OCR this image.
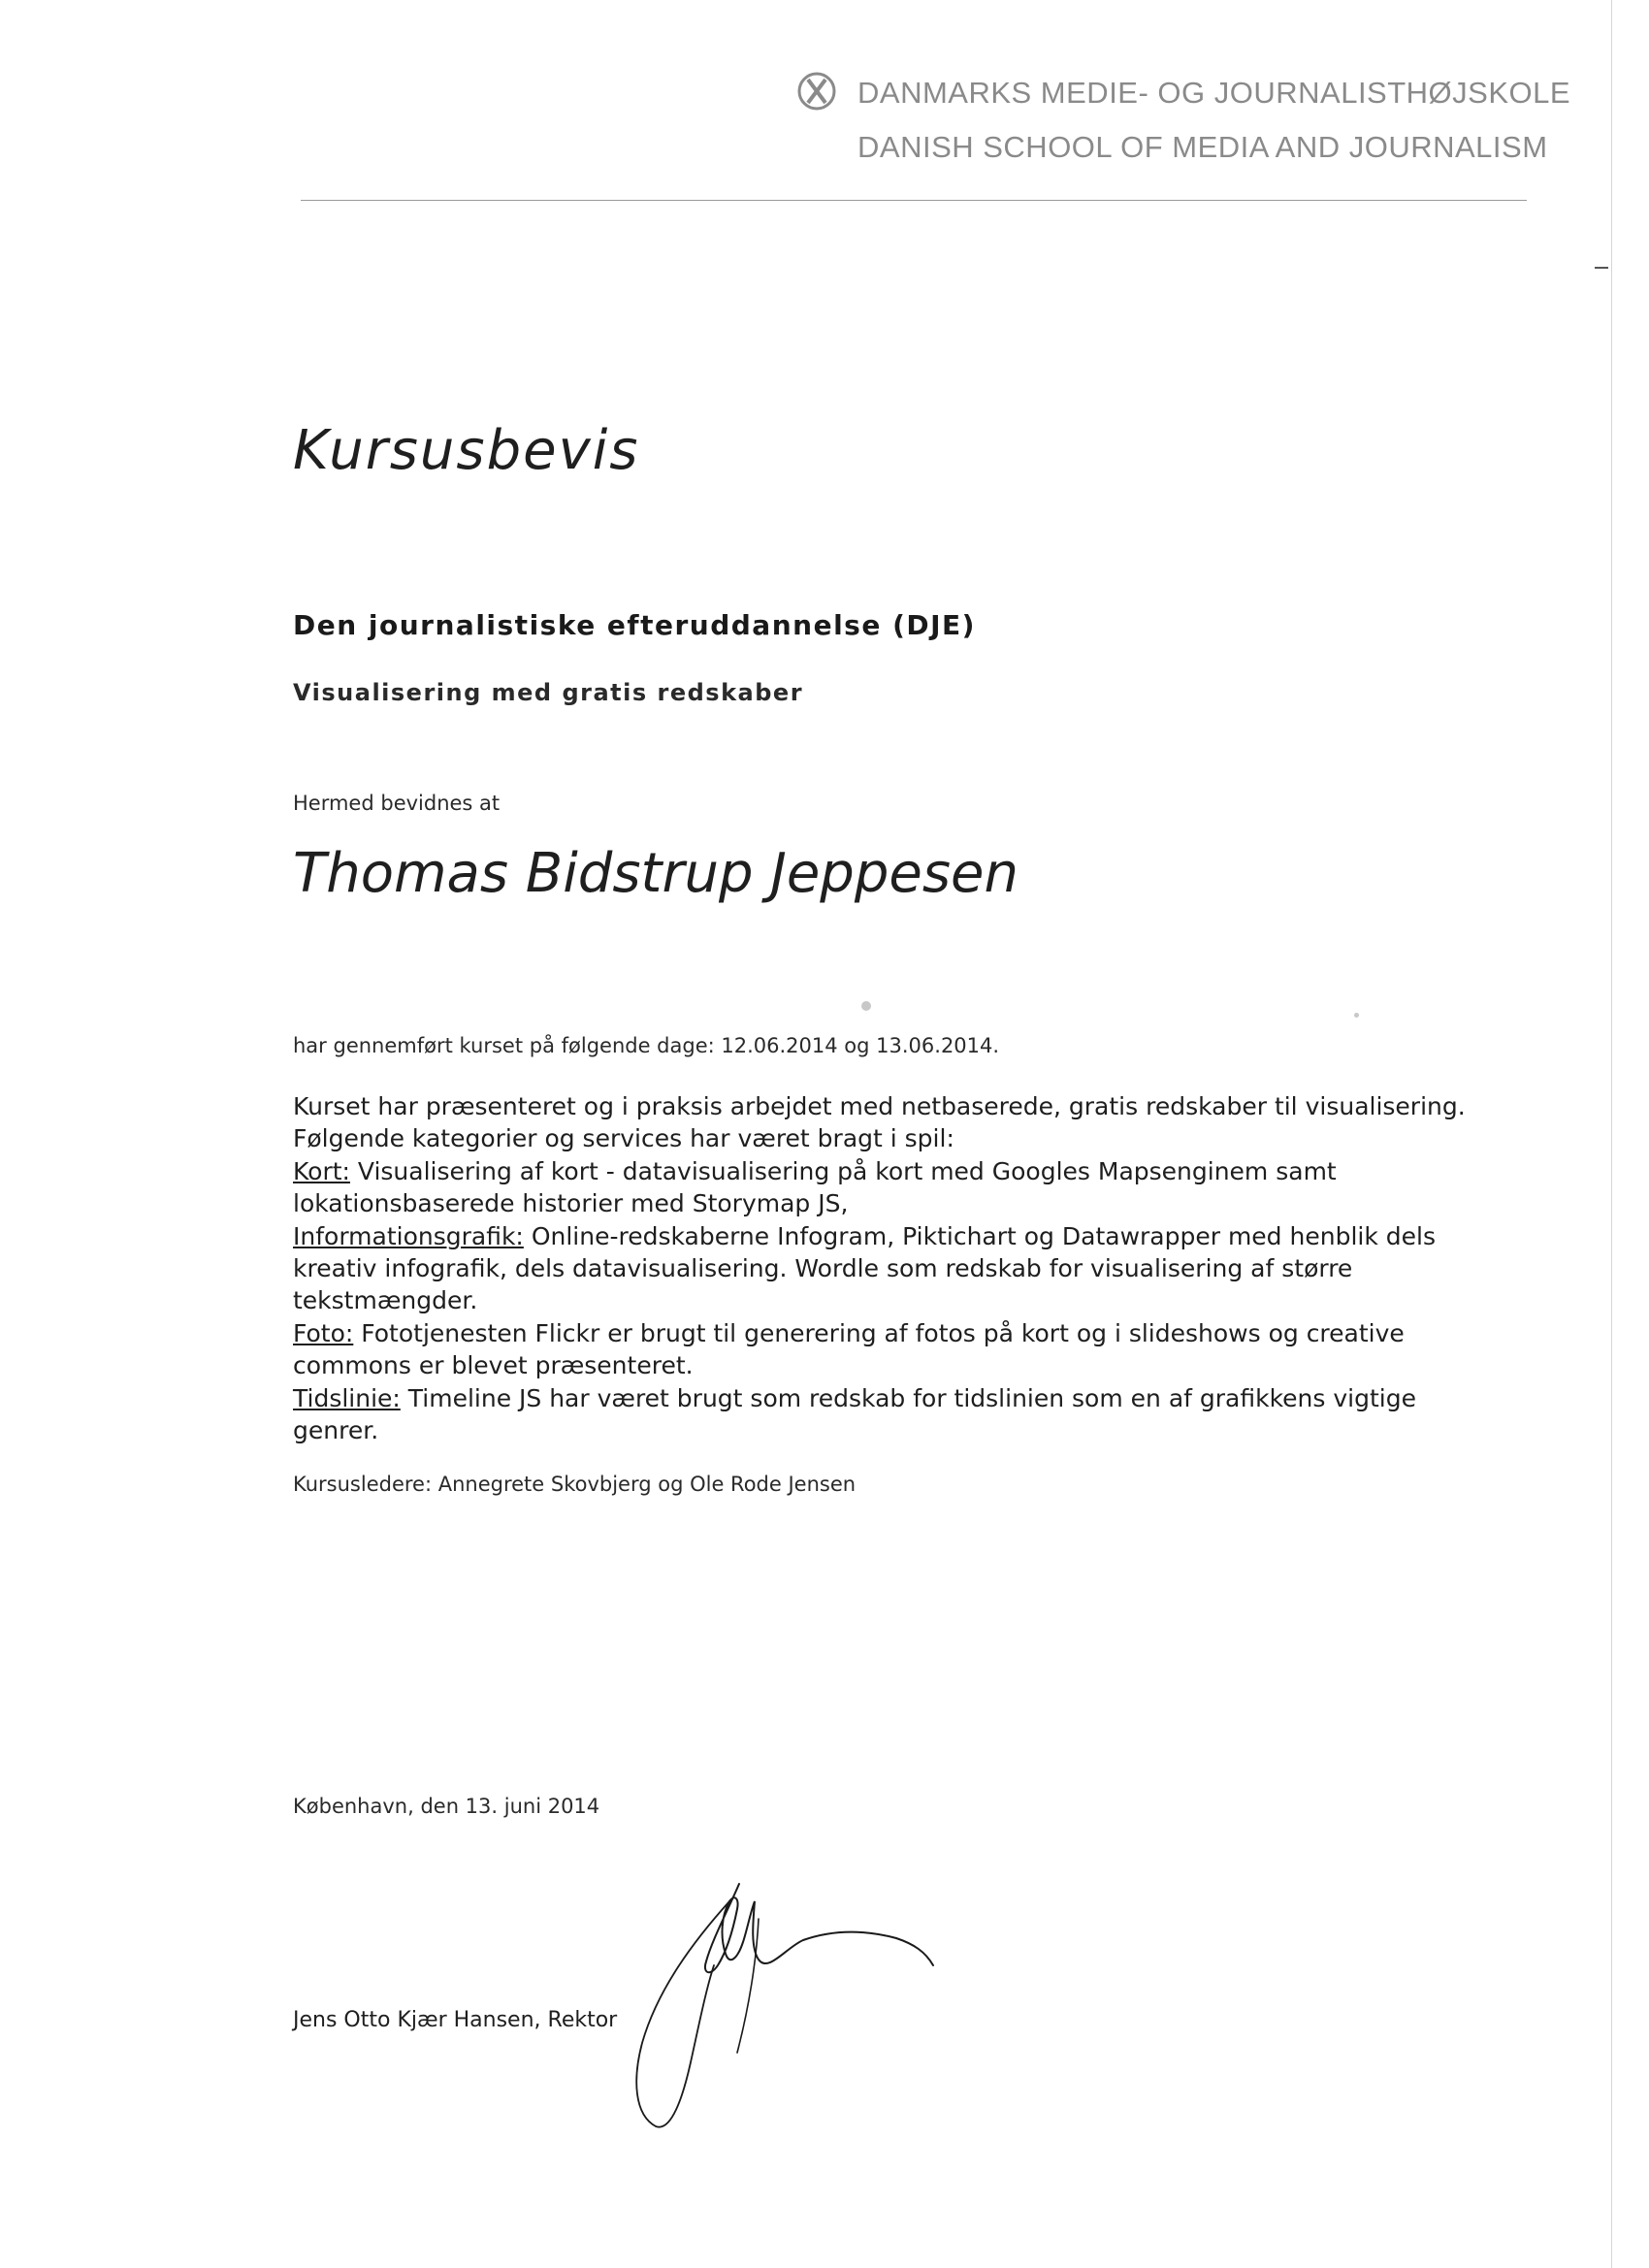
DANMARKS MEDIE- OG JOURNALISTHØJSKOLE
DANISH SCHOOL OF MEDIA AND JOURNALISM
Kursusbevis
Den journalistiske efteruddannelse (DJE)
Visualisering med gratis redskaber
Hermed bevidnes at
Thomas Bidstrup Jeppesen
har gennemført kurset på følgende dage: 12.06.2014 og 13.06.2014.

Kurset har præsenteret og i praksis arbejdet med netbaserede, gratis redskaber til visualisering. Følgende kategorier og services har været bragt i spil:

Kort: Visualisering af kort - datavisualisering på kort med Googles Mapsenginem samt lokationsbaserede historier med Storymap JS,

Informationsgrafik: Online-redskaberne Infogram, Piktichart og Datawrapper med henblik dels kreativ infografik, dels datavisualisering. Wordle som redskab for visualisering af større tekstmængder.

Foto: Fototjenesten Flickr er brugt til generering af fotos på kort og i slideshows og creative commons er blevet præsenteret.

Tidslinie: Timeline JS har været brugt som redskab for tidslinien som en af grafikkens vigtige genrer.

Kursusledere: Annegrete Skovbjerg og Ole Rode Jensen
København, den 13. juni 2014
Jens Otto Kjær Hansen, Rektor
